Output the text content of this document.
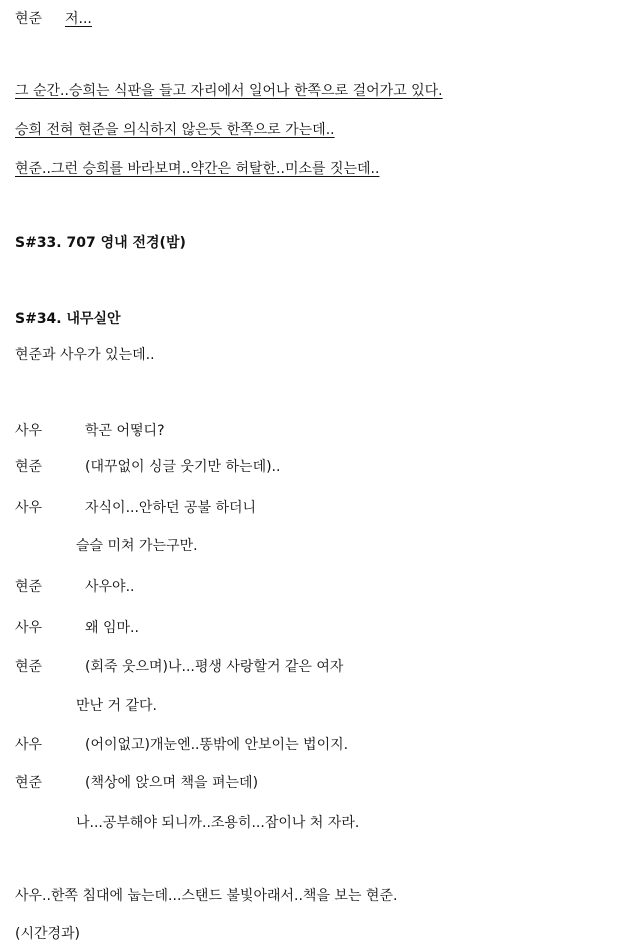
현준 저...
그 순간..승희는 식판을 들고 자리에서 일어나 한쪽으로 걸어가고 있다.
승희 전혀 현준을 의식하지 않은듯 한쪽으로 가는데..
현준..그런 승희를 바라보며..약간은 허탈한..미소를 짓는데..
S#33. 707 영내 전경(밤)
S#34. 내무실안
현준과 사우가 있는데..
사우	학곤 어떻디?
현준	(대꾸없이 싱글 웃기만 하는데)..
사우	자식이...안하던 공불 하더니
슬슬 미쳐 가는구만.
현준	사우야..
사우	왜 임마..
현준	(회죽 웃으며)나...평생 사랑할거 같은 여자
만난 거 같다.
사우	(어이없고)개눈엔..똥밖에 안보이는 법이지.
현준	(책상에 앉으며 책을 펴는데)
나...공부해야 되니까..조용히...잠이나 처 자라.
사우..한쪽 침대에 눕는데...스탠드 불빛아래서..책을 보는 현준.
(시간경과)
